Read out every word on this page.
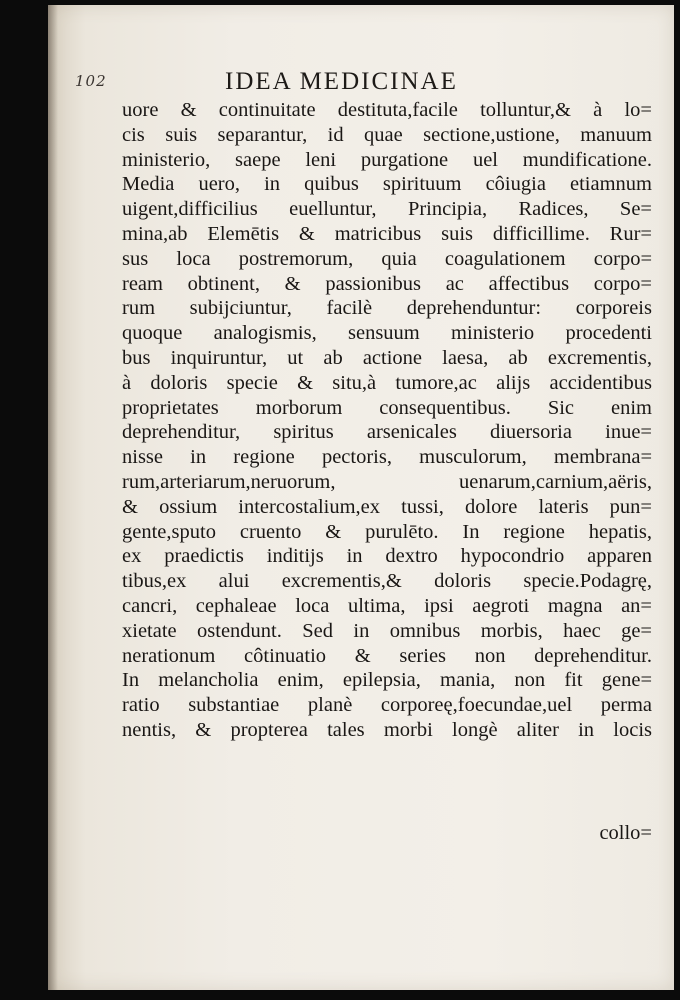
102	IDEA MEDICINAE
uore & continuitate destituta,facile tolluntur,& à lo=
cis suis separantur, id quae sectione,ustione, manuum
ministerio, saepe leni purgatione uel mundificatione.
Media uero, in quibus spirituum côiugia etiamnum
uigent,difficilius euelluntur, Principia, Radices, Se=
mina,ab Elemētis & matricibus suis difficillime. Rur=
sus loca postremorum, quia coagulationem corpo=
ream obtinent, & passionibus ac affectibus corpo=
rum subijciuntur, facilè deprehenduntur: corporeis
quoque analogismis, sensuum ministerio procedenti
bus inquiruntur, ut ab actione laesa, ab excrementis,
à doloris specie & situ,à tumore,ac alijs accidentibus
proprietates morborum consequentibus. Sic enim
deprehenditur, spiritus arsenicales diuersoria inue=
nisse in regione pectoris, musculorum, membrana=
rum,arteriarum,neruorum, uenarum,carnium,aëris,
& ossium intercostalium,ex tussi, dolore lateris pun=
gente,sputo cruento & purulēto. In regione hepatis,
ex praedictis inditijs in dextro hypocondrio apparen
tibus,ex alui excrementis,& doloris specie.Podagrę,
cancri, cephaleae loca ultima, ipsi aegroti magna an=
xietate ostendunt. Sed in omnibus morbis, haec ge=
nerationum côtinuatio & series non deprehenditur.
In melancholia enim, epilepsia, mania, non fit gene=
ratio substantiae planè corporeę,foecundae,uel perma
nentis, & propterea tales morbi longè aliter in locis
collo=
